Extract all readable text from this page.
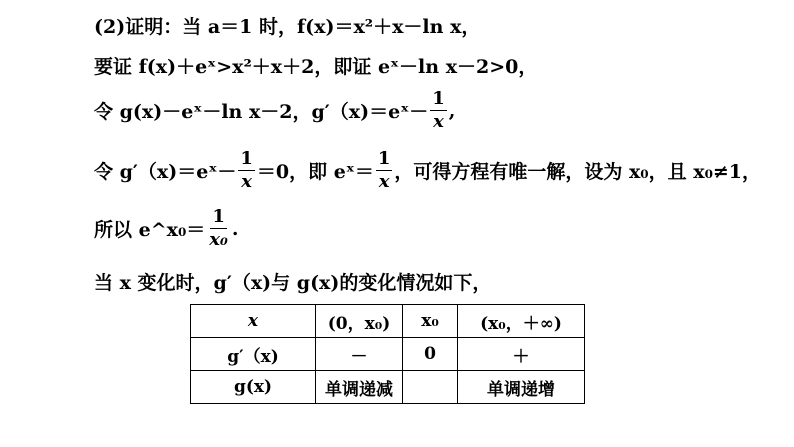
(2)证明：当 a＝1 时，f(x)＝x²＋x－ln x，
要证 f(x)＋eˣ>x²＋x＋2，即证 eˣ－ln x－2>0，
令 g(x)－eˣ－ln x－2，g′（x)＝eˣ－ $\frac{1}{x}$ ,
令 g′（x)＝eˣ－ $\frac{1}{x} =0$，即 eˣ＝ $\frac{1}{x}$ ，可得方程有唯一解，设为 x₀，且 x₀≠1，
所以 e^x₀＝ $\frac{1}{\text{x₀}}$ .
当 x 变化时，g′（x)与 g(x)的变化情况如下，
x	(0，x₀)	x₀	(x₀，＋∞)
g′（x)	－	0	＋
g(x)	单调递减		单调递增
